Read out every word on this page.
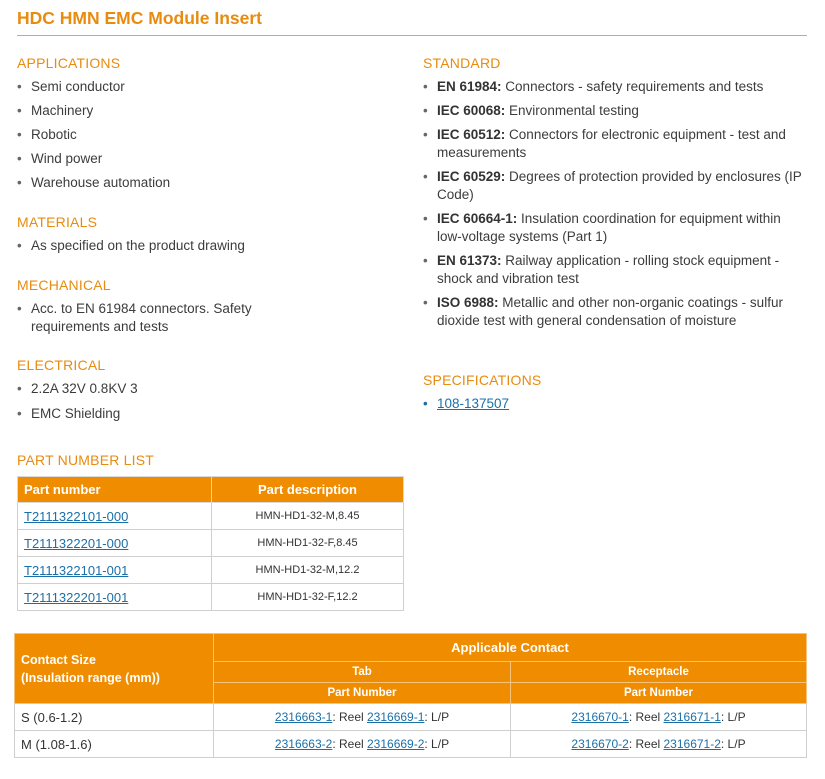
HDC HMN EMC Module Insert
APPLICATIONS
• Semi conductor
• Machinery
• Robotic
• Wind power
• Warehouse automation
MATERIALS
• As specified on the product drawing
MECHANICAL
• Acc. to EN 61984 connectors. Safety requirements and tests
ELECTRICAL
• 2.2A 32V 0.8KV 3
• EMC Shielding
STANDARD
• EN 61984: Connectors - safety requirements and tests
• IEC 60068: Environmental testing
• IEC 60512: Connectors for electronic equipment - test and measurements
• IEC 60529: Degrees of protection provided by enclosures (IP Code)
• IEC 60664-1: Insulation coordination for equipment within low-voltage systems (Part 1)
• EN 61373: Railway application - rolling stock equipment - shock and vibration test
• ISO 6988: Metallic and other non-organic coatings - sulfur dioxide test with general condensation of moisture
SPECIFICATIONS
• 108-137507
PART NUMBER LIST
Part number	Part description
T2111322101-000	HMN-HD1-32-M,8.45
T2111322201-000	HMN-HD1-32-F,8.45
T2111322101-001	HMN-HD1-32-M,12.2
T2111322201-001	HMN-HD1-32-F,12.2
Contact Size
(Insulation range (mm))	Applicable Contact	
	Tab	Receptacle
	Part Number	Part Number
S (0.6-1.2)	2316663-1: Reel 2316669-1: L/P	2316670-1: Reel 2316671-1: L/P
M (1.08-1.6)	2316663-2: Reel 2316669-2: L/P	2316670-2: Reel 2316671-2: L/P
